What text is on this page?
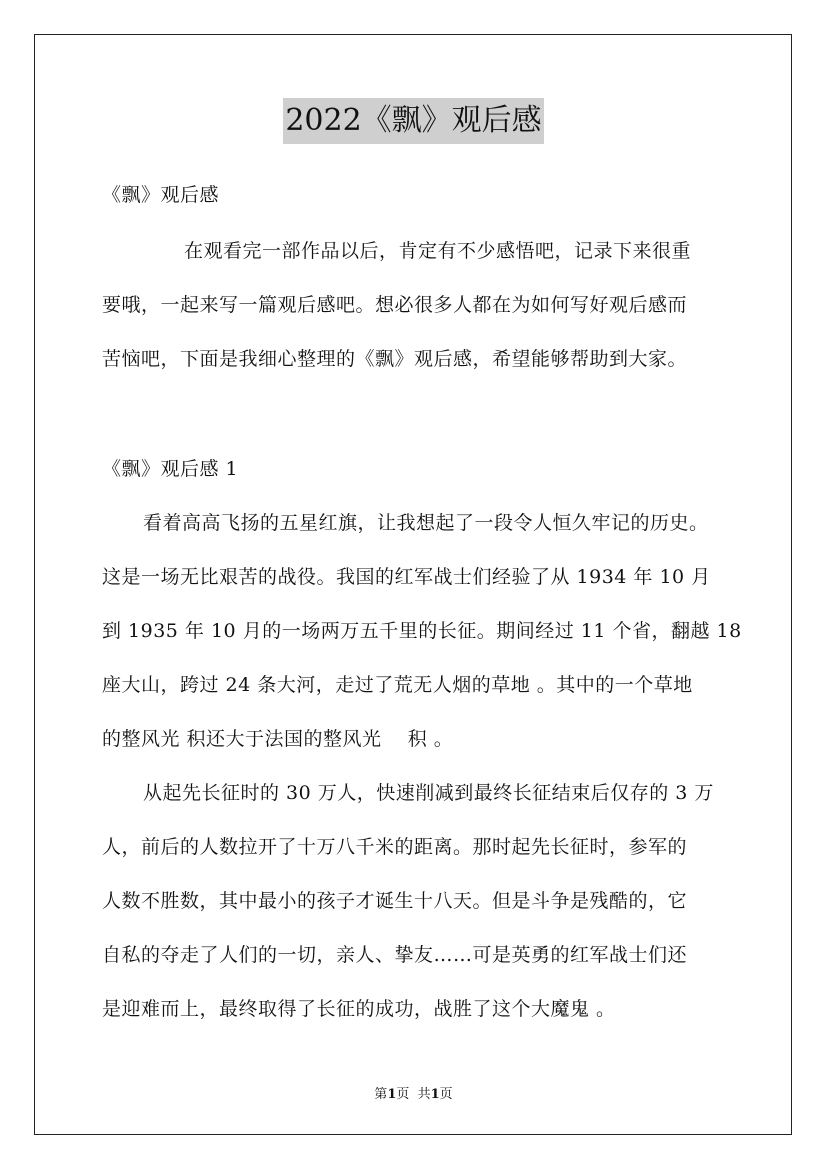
2022《飘》观后感
《飘》观后感
在观看完一部作品以后，肯定有不少感悟吧，记录下来很重
要哦，一起来写一篇观后感吧。想必很多人都在为如何写好观后感而
苦恼吧，下面是我细心整理的《飘》观后感，希望能够帮助到大家。
《飘》观后感 1
看着高高飞扬的五星红旗，让我想起了一段令人恒久牢记的历史。
这是一场无比艰苦的战役。我国的红军战士们经验了从 1934 年 10 月
到 1935 年 10 月的一场两万五千里的长征。期间经过 11 个省，翻越 18
座大山，跨过 24 条大河，走过了荒无人烟的草地 。其中的一个草地
的整风光 积还大于法国的整风光    积 。
从起先长征时的 30 万人，快速削减到最终长征结束后仅存的 3 万
人，前后的人数拉开了十万八千米的距离。那时起先长征时，参军的
人数不胜数，其中最小的孩子才诞生十八天。但是斗争是残酷的，它
自私的夺走了人们的一切，亲人、挚友……可是英勇的红军战士们还
是迎难而上，最终取得了长征的成功，战胜了这个大魔鬼 。
第1页  共1页
